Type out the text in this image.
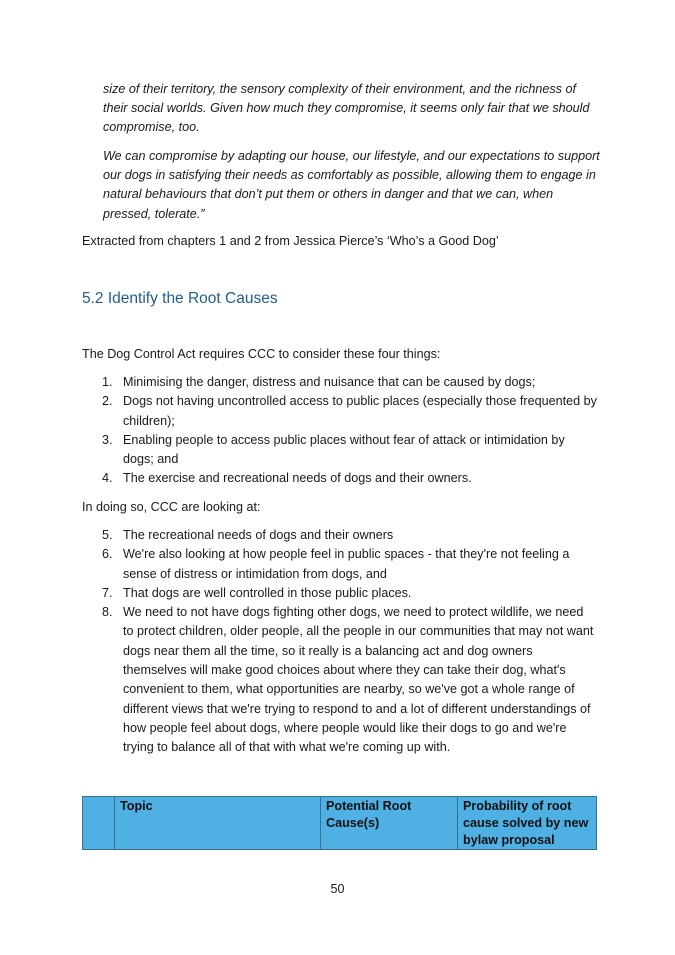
size of their territory, the sensory complexity of their environment, and the richness of their social worlds. Given how much they compromise, it seems only fair that we should compromise, too.

We can compromise by adapting our house, our lifestyle, and our expectations to support our dogs in satisfying their needs as comfortably as possible, allowing them to engage in natural behaviours that don’t put them or others in danger and that we can, when pressed, tolerate.”

Extracted from chapters 1 and 2 from Jessica Pierce’s ‘Who’s a Good Dog’

5.2 Identify the Root Causes

The Dog Control Act requires CCC to consider these four things:

1. Minimising the danger, distress and nuisance that can be caused by dogs;
2. Dogs not having uncontrolled access to public places (especially those frequented by children);
3. Enabling people to access public places without fear of attack or intimidation by dogs; and
4. The exercise and recreational needs of dogs and their owners.

In doing so, CCC are looking at:

5. The recreational needs of dogs and their owners
6. We're also looking at how people feel in public spaces - that they're not feeling a sense of distress or intimidation from dogs, and
7. That dogs are well controlled in those public places.
8. We need to not have dogs fighting other dogs, we need to protect wildlife, we need to protect children, older people, all the people in our communities that may not want dogs near them all the time, so it really is a balancing act and dog owners themselves will make good choices about where they can take their dog, what's convenient to them, what opportunities are nearby, so we've got a whole range of different views that we're trying to respond to and a lot of different understandings of how people feel about dogs, where people would like their dogs to go and we're trying to balance all of that with what we're coming up with.
	Topic	Potential Root Cause(s)	Probability of root cause solved by new bylaw proposal

50
